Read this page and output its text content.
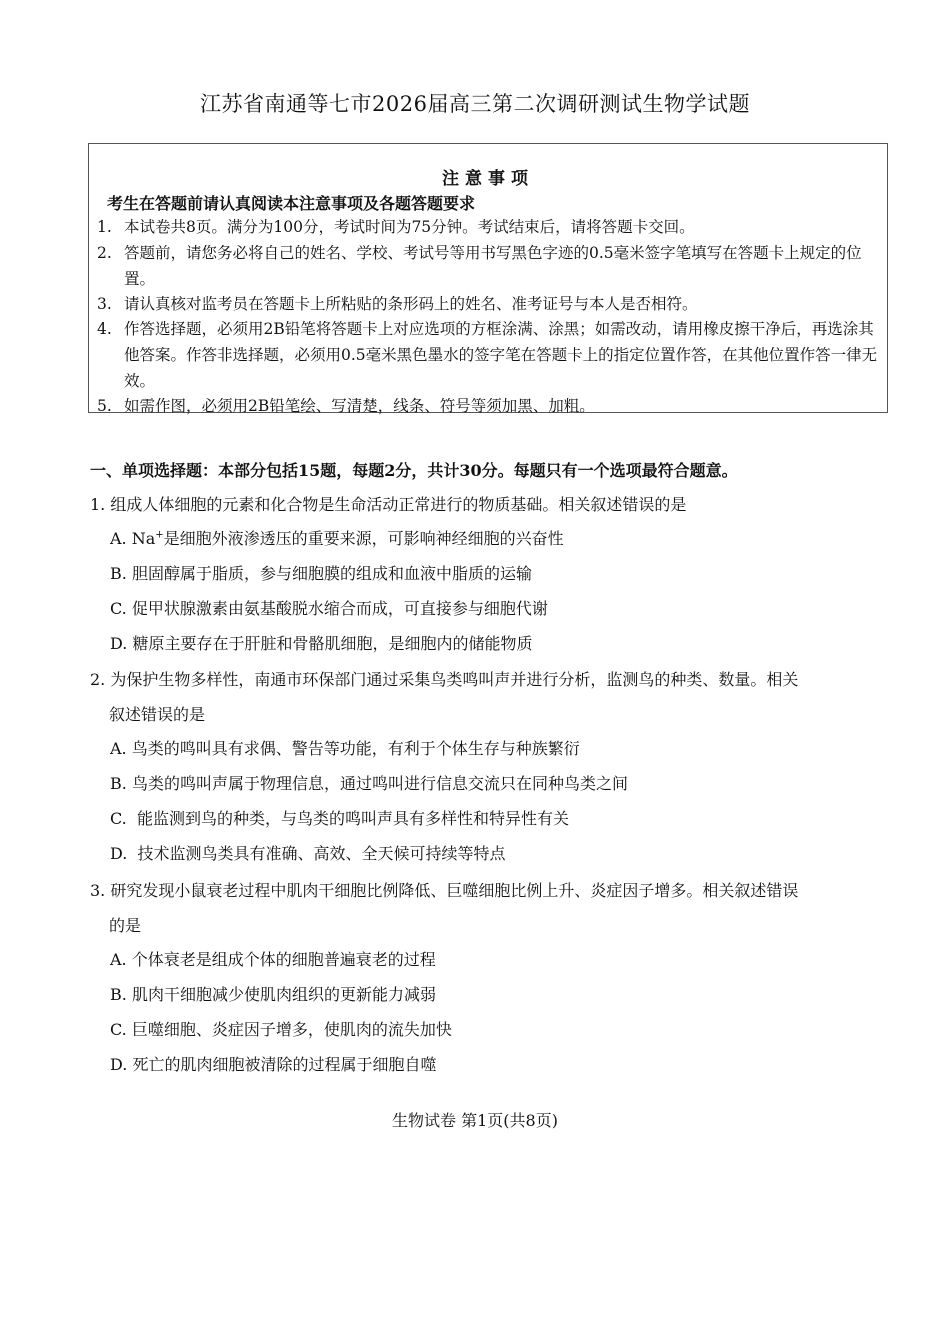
江苏省南通等七市2026届高三第二次调研测试生物学试题
注意事项
考生在答题前请认真阅读本注意事项及各题答题要求
1. 本试卷共8页。满分为100分，考试时间为75分钟。考试结束后，请将答题卡交回。
2. 答题前，请您务必将自己的姓名、学校、考试号等用书写黑色字迹的0.5毫米签字笔填写在答题卡上规定的位置。
3. 请认真核对监考员在答题卡上所粘贴的条形码上的姓名、准考证号与本人是否相符。
4. 作答选择题，必须用2B铅笔将答题卡上对应选项的方框涂满、涂黑；如需改动，请用橡皮擦干净后，再选涂其他答案。作答非选择题，必须用0.5毫米黑色墨水的签字笔在答题卡上的指定位置作答，在其他位置作答一律无效。
5. 如需作图，必须用2B铅笔绘、写清楚，线条、符号等须加黑、加粗。
一、单项选择题：本部分包括15题，每题2分，共计30分。每题只有一个选项最符合题意。
1. 组成人体细胞的元素和化合物是生命活动正常进行的物质基础。相关叙述错误的是
A. Na+是细胞外液渗透压的重要来源，可影响神经细胞的兴奋性
B. 胆固醇属于脂质，参与细胞膜的组成和血液中脂质的运输
C. 促甲状腺激素由氨基酸脱水缩合而成，可直接参与细胞代谢
D. 糖原主要存在于肝脏和骨骼肌细胞，是细胞内的储能物质
2. 为保护生物多样性，南通市环保部门通过采集鸟类鸣叫声并进行分析，监测鸟的种类、数量。相关
叙述错误的是
A. 鸟类的鸣叫具有求偶、警告等功能，有利于个体生存与种族繁衍
B. 鸟类的鸣叫声属于物理信息，通过鸣叫进行信息交流只在同种鸟类之间
C.  能监测到鸟的种类，与鸟类的鸣叫声具有多样性和特异性有关
D.  技术监测鸟类具有准确、高效、全天候可持续等特点
3. 研究发现小鼠衰老过程中肌肉干细胞比例降低、巨噬细胞比例上升、炎症因子增多。相关叙述错误
的是
A. 个体衰老是组成个体的细胞普遍衰老的过程
B. 肌肉干细胞减少使肌肉组织的更新能力减弱
C. 巨噬细胞、炎症因子增多，使肌肉的流失加快
D. 死亡的肌肉细胞被清除的过程属于细胞自噬
生物试卷 第1页(共8页)
